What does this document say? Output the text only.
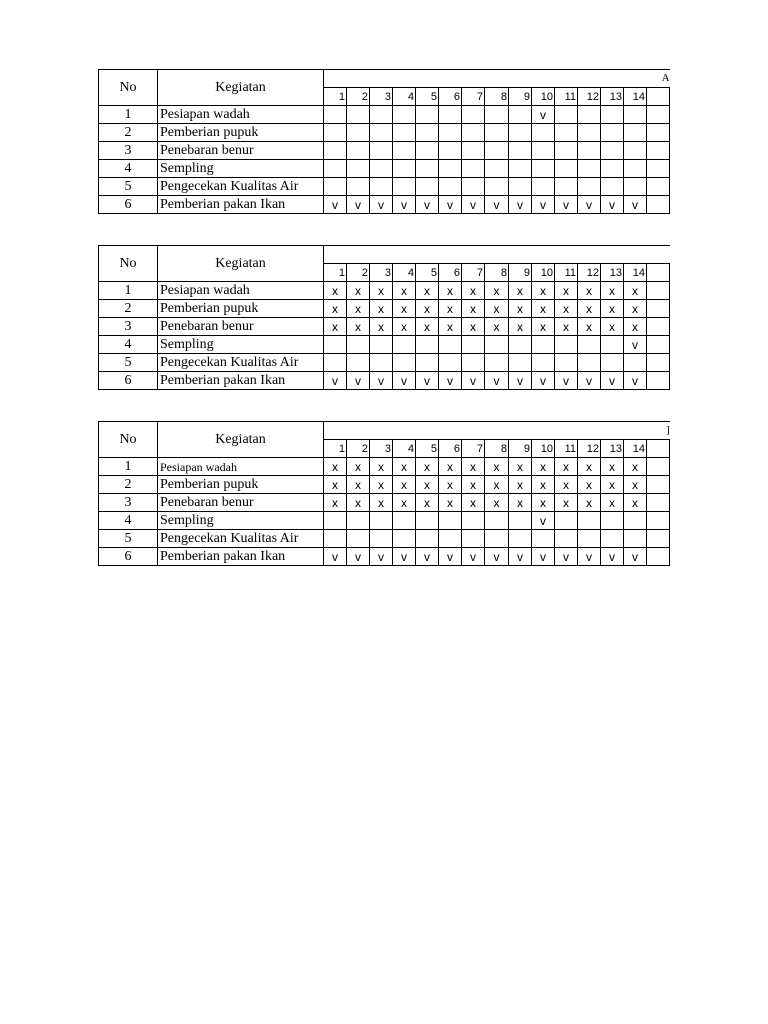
No	Kegiatan	A														
		1	2	3	4	5	6	7	8	9	10	11	12	13	14	
1	Pesiapan wadah										v					
2	Pemberian pupuk															
3	Penebaran benur															
4	Sempling															
5	Pengecekan Kualitas Air															
6	Pemberian pakan Ikan	v	v	v	v	v	v	v	v	v	v	v	v	v	v	
No	Kegiatan															
		1	2	3	4	5	6	7	8	9	10	11	12	13	14	
1	Pesiapan wadah	x	x	x	x	x	x	x	x	x	x	x	x	x	x	
2	Pemberian pupuk	x	x	x	x	x	x	x	x	x	x	x	x	x	x	
3	Penebaran benur	x	x	x	x	x	x	x	x	x	x	x	x	x	x	
4	Sempling														v	
5	Pengecekan Kualitas Air															
6	Pemberian pakan Ikan	v	v	v	v	v	v	v	v	v	v	v	v	v	v	
No	Kegiatan	]														
		1	2	3	4	5	6	7	8	9	10	11	12	13	14	
1	Pesiapan wadah	x	x	x	x	x	x	x	x	x	x	x	x	x	x	
2	Pemberian pupuk	x	x	x	x	x	x	x	x	x	x	x	x	x	x	
3	Penebaran benur	x	x	x	x	x	x	x	x	x	x	x	x	x	x	
4	Sempling										v					
5	Pengecekan Kualitas Air															
6	Pemberian pakan Ikan	v	v	v	v	v	v	v	v	v	v	v	v	v	v	
